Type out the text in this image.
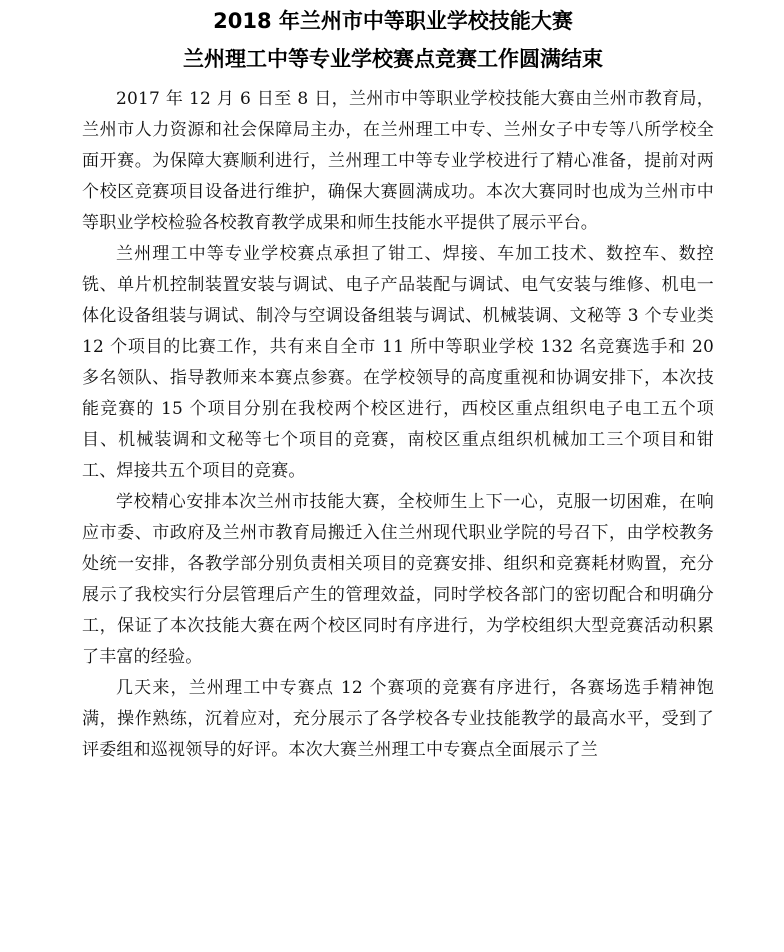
2018 年兰州市中等职业学校技能大赛
兰州理工中等专业学校赛点竞赛工作圆满结束

2017 年 12 月 6 日至 8 日，兰州市中等职业学校技能大赛由兰州市教育局，兰州市人力资源和社会保障局主办，在兰州理工中专、兰州女子中专等八所学校全面开赛。为保障大赛顺利进行，兰州理工中等专业学校进行了精心准备，提前对两个校区竞赛项目设备进行维护，确保大赛圆满成功。本次大赛同时也成为兰州市中等职业学校检验各校教育教学成果和师生技能水平提供了展示平台。

兰州理工中等专业学校赛点承担了钳工、焊接、车加工技术、数控车、数控铣、单片机控制装置安装与调试、电子产品装配与调试、电气安装与维修、机电一体化设备组装与调试、制冷与空调设备组装与调试、机械装调、文秘等 3 个专业类 12 个项目的比赛工作，共有来自全市 11 所中等职业学校 132 名竞赛选手和 20 多名领队、指导教师来本赛点参赛。在学校领导的高度重视和协调安排下，本次技能竞赛的 15 个项目分别在我校两个校区进行，西校区重点组织电子电工五个项目、机械装调和文秘等七个项目的竞赛，南校区重点组织机械加工三个项目和钳工、焊接共五个项目的竞赛。

学校精心安排本次兰州市技能大赛，全校师生上下一心，克服一切困难，在响应市委、市政府及兰州市教育局搬迁入住兰州现代职业学院的号召下，由学校教务处统一安排，各教学部分别负责相关项目的竞赛安排、组织和竞赛耗材购置，充分展示了我校实行分层管理后产生的管理效益，同时学校各部门的密切配合和明确分工，保证了本次技能大赛在两个校区同时有序进行，为学校组织大型竞赛活动积累了丰富的经验。

几天来，兰州理工中专赛点 12 个赛项的竞赛有序进行，各赛场选手精神饱满，操作熟练，沉着应对，充分展示了各学校各专业技能教学的最高水平，受到了评委组和巡视领导的好评。本次大赛兰州理工中专赛点全面展示了兰
